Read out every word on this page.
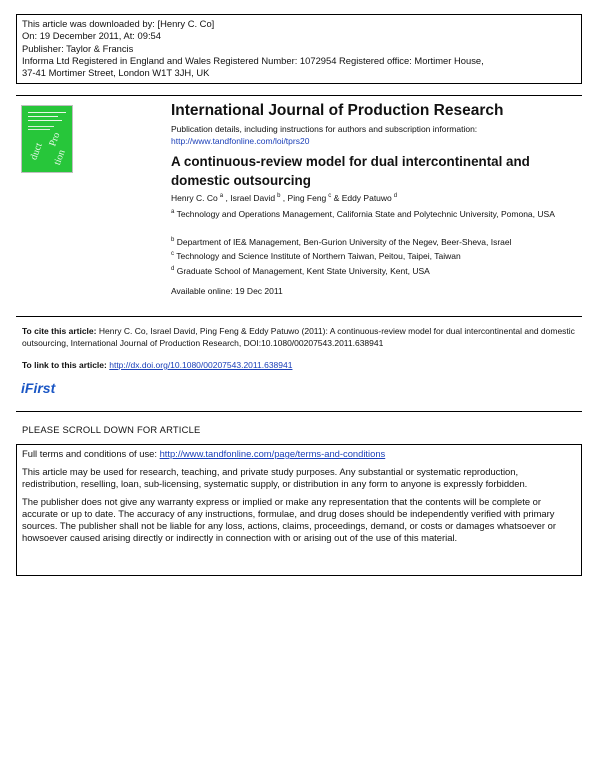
This article was downloaded by: [Henry C. Co]
On: 19 December 2011, At: 09:54
Publisher: Taylor & Francis
Informa Ltd Registered in England and Wales Registered Number: 1072954 Registered office: Mortimer House,
37-41 Mortimer Street, London W1T 3JH, UK
duct
Pro
tion
International Journal of Production Research
Publication details, including instructions for authors and subscription information:
http://www.tandfonline.com/loi/tprs20
A continuous-review model for dual intercontinental and domestic outsourcing
Henry C. Co $^a$ , Israel David $^b$ , Ping Feng $^c$ & Eddy Patuwo $^d$
$^a$ Technology and Operations Management, California State and Polytechnic University, Pomona, USA
$^b$ Department of IE& Management, Ben-Gurion University of the Negev, Beer-Sheva, Israel
$^c$ Technology and Science Institute of Northern Taiwan, Peitou, Taipei, Taiwan
$^d$ Graduate School of Management, Kent State University, Kent, USA
Available online: 19 Dec 2011
To cite this article: Henry C. Co, Israel David, Ping Feng & Eddy Patuwo (2011): A continuous-review model for dual intercontinental and domestic outsourcing, International Journal of Production Research, DOI:10.1080/00207543.2011.638941
To link to this article: http://dx.doi.org/10.1080/00207543.2011.638941
iFirst
PLEASE SCROLL DOWN FOR ARTICLE

Full terms and conditions of use: http://www.tandfonline.com/page/terms-and-conditions

This article may be used for research, teaching, and private study purposes. Any substantial or systematic reproduction, redistribution, reselling, loan, sub-licensing, systematic supply, or distribution in any form to anyone is expressly forbidden.

The publisher does not give any warranty express or implied or make any representation that the contents will be complete or accurate or up to date. The accuracy of any instructions, formulae, and drug doses should be independently verified with primary sources. The publisher shall not be liable for any loss, actions, claims, proceedings, demand, or costs or damages whatsoever or howsoever caused arising directly or indirectly in connection with or arising out of the use of this material.
